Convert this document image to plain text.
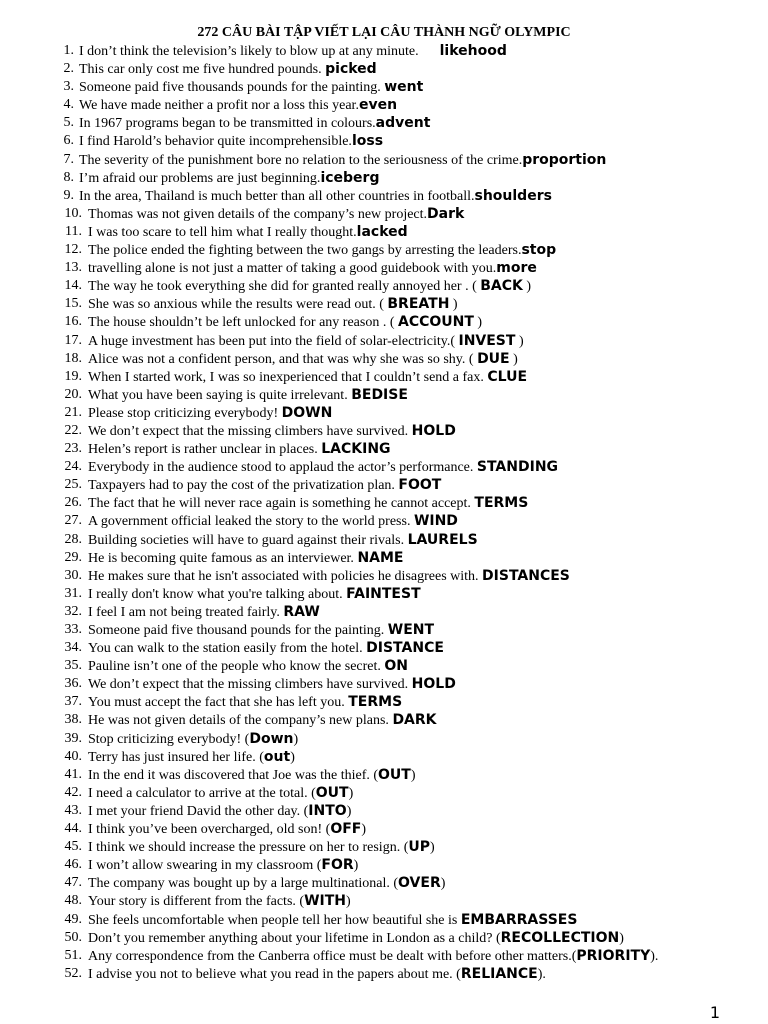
272 CÂU BÀI TẬP VIẾT LẠI CÂU THÀNH NGỮ OLYMPIC
1. I don’t think the television’s likely to blow up at any minute.      likehood
2. This car only cost me five hundred pounds. picked
3. Someone paid five thousands pounds for the painting. went
4. We have made neither a profit nor a loss this year.even
5. In 1967 programs began to be transmitted in colours.advent
6. I find Harold’s behavior quite incomprehensible.loss
7. The severity of the punishment bore no relation to the seriousness of the crime.proportion
8. I’m afraid our problems are just beginning.iceberg
9. In the area, Thailand is much better than all other countries in football.shoulders
10. Thomas was not given details of the company’s new project.Dark
11. I was too scare to tell him what I really thought.lacked
12. The police ended the fighting between the two gangs by arresting the leaders.stop
13. travelling alone is not just a matter of taking a good guidebook with you.more
14. The way he took everything she did for granted really annoyed her . ( BACK )
15. She was so anxious while the results were read out. ( BREATH )
16. The house shouldn’t be left unlocked for any reason . ( ACCOUNT )
17. A huge investment has been put into the field of solar-electricity.( INVEST )
18. Alice was not a confident person, and that was why she was so shy. ( DUE )
19. When I started work, I was so inexperienced that I couldn’t send a fax. CLUE
20. What you have been saying is quite irrelevant. BEDISE
21. Please stop criticizing everybody! DOWN
22. We don’t expect that the missing climbers have survived. HOLD
23. Helen’s report is rather unclear in places. LACKING
24. Everybody in the audience stood to applaud the actor’s performance. STANDING
25. Taxpayers had to pay the cost of the privatization plan. FOOT
26. The fact that he will never race again is something he cannot accept. TERMS
27. A government official leaked the story to the world press. WIND
28. Building societies will have to guard against their rivals. LAURELS
29. He is becoming quite famous as an interviewer. NAME
30. He makes sure that he isn't associated with policies he disagrees with. DISTANCES
31. I really don't know what you're talking about. FAINTEST
32. I feel I am not being treated fairly. RAW
33. Someone paid five thousand pounds for the painting. WENT
34. You can walk to the station easily from the hotel. DISTANCE
35. Pauline isn’t one of the people who know the secret. ON
36. We don’t expect that the missing climbers have survived. HOLD
37. You must accept the fact that she has left you. TERMS
38. He was not given details of the company’s new plans. DARK
39. Stop criticizing everybody! (Down)
40. Terry has just insured her life. (out)
41. In the end it was discovered that Joe was the thief. (OUT)
42. I need a calculator to arrive at the total. (OUT)
43. I met your friend David the other day. (INTO)
44. I think you’ve been overcharged, old son! (OFF)
45. I think we should increase the pressure on her to resign. (UP)
46. I won’t allow swearing in my classroom (FOR)
47. The company was bought up by a large multinational. (OVER)
48. Your story is different from the facts. (WITH)
49. She feels uncomfortable when people tell her how beautiful she is EMBARRASSES
50. Don’t you remember anything about your lifetime in London as a child? (RECOLLECTION)
51. Any correspondence from the Canberra office must be dealt with before other matters.(PRIORITY).
52. I advise you not to believe what you read in the papers about me. (RELIANCE).
1
